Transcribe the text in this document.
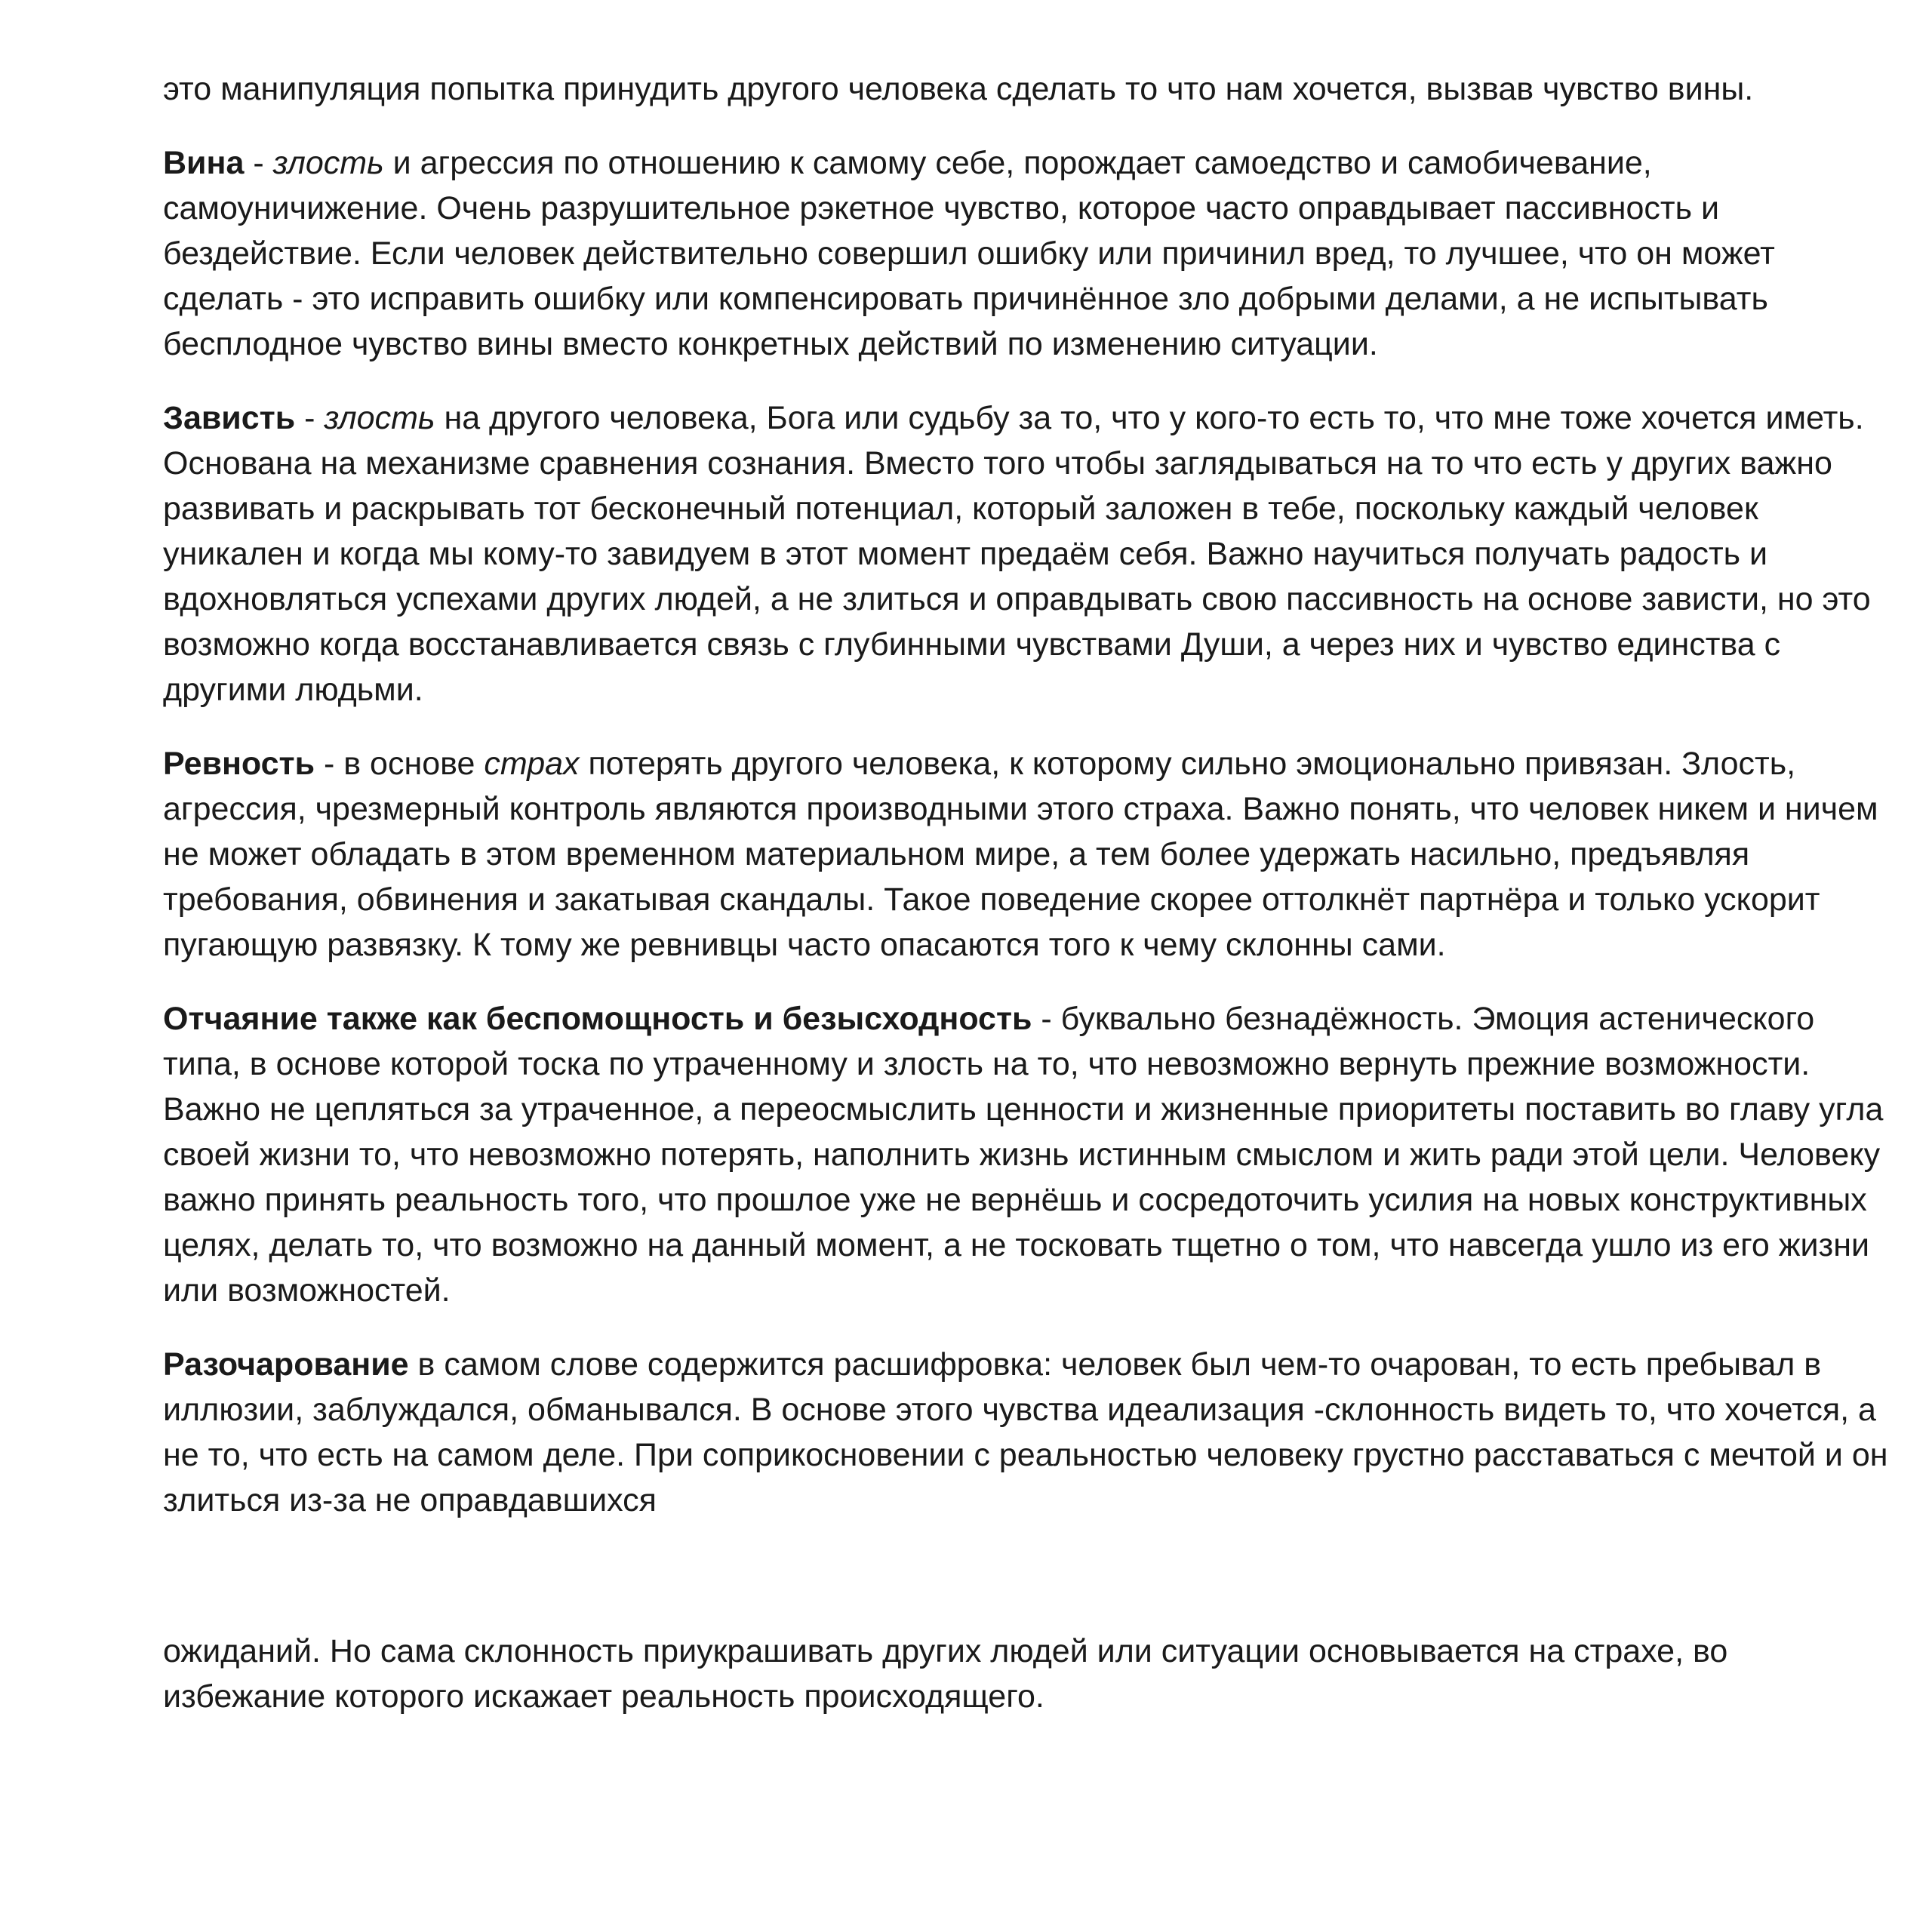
это манипуляция попытка принудить другого человека сделать то что нам хочется, вызвав чувство вины.

Вина - злость и агрессия по отношению к самому себе, порождает самоедство и самобичевание, самоуничижение. Очень разрушительное рэкетное чувство, которое часто оправдывает пассивность и бездействие. Если человек действительно совершил ошибку или причинил вред, то лучшее, что он может сделать - это исправить ошибку или компенсировать причинённое зло добрыми делами, а не испытывать бесплодное чувство вины вместо конкретных действий по изменению ситуации.

Зависть - злость на другого человека, Бога или судьбу за то, что у кого-то есть то, что мне тоже хочется иметь. Основана на механизме сравнения сознания. Вместо того чтобы заглядываться на то что есть у других важно развивать и раскрывать тот бесконечный потенциал, который заложен в тебе, поскольку каждый человек уникален и когда мы кому-то завидуем в этот момент предаём себя. Важно научиться получать радость и вдохновляться успехами других людей, а не злиться и оправдывать свою пассивность на основе зависти, но это возможно когда восстанавливается связь с глубинными чувствами Души, а через них и чувство единства с другими людьми.

Ревность - в основе страх потерять другого человека, к которому сильно эмоционально привязан. Злость, агрессия, чрезмерный контроль являются производными этого страха. Важно понять, что человек никем и ничем не может обладать в этом временном материальном мире, а тем более удержать насильно, предъявляя требования, обвинения и закатывая скандалы. Такое поведение скорее оттолкнёт партнёра и только ускорит пугающую развязку. К тому же ревнивцы часто опасаются того к чему склонны сами.

Отчаяние также как беспомощность и безысходность - буквально безнадёжность. Эмоция астенического типа, в основе которой тоска по утраченному и злость на то, что невозможно вернуть прежние возможности. Важно не цепляться за утраченное, а переосмыслить ценности и жизненные приоритеты поставить во главу угла своей жизни то, что невозможно потерять, наполнить жизнь истинным смыслом и жить ради этой цели. Человеку важно принять реальность того, что прошлое уже не вернёшь и сосредоточить усилия на новых конструктивных целях, делать то, что возможно на данный момент, а не тосковать тщетно о том, что навсегда ушло из его жизни или возможностей.

Разочарование в самом слове содержится расшифровка: человек был чем-то очарован, то есть пребывал в иллюзии, заблуждался, обманывался. В основе этого чувства идеализация -склонность видеть то, что хочется, а не то, что есть на самом деле. При соприкосновении с реальностью человеку грустно расставаться с мечтой и он злиться из-за не оправдавшихся

ожиданий. Но сама склонность приукрашивать других людей или ситуации основывается на страхе, во избежание которого искажает реальность происходящего.
